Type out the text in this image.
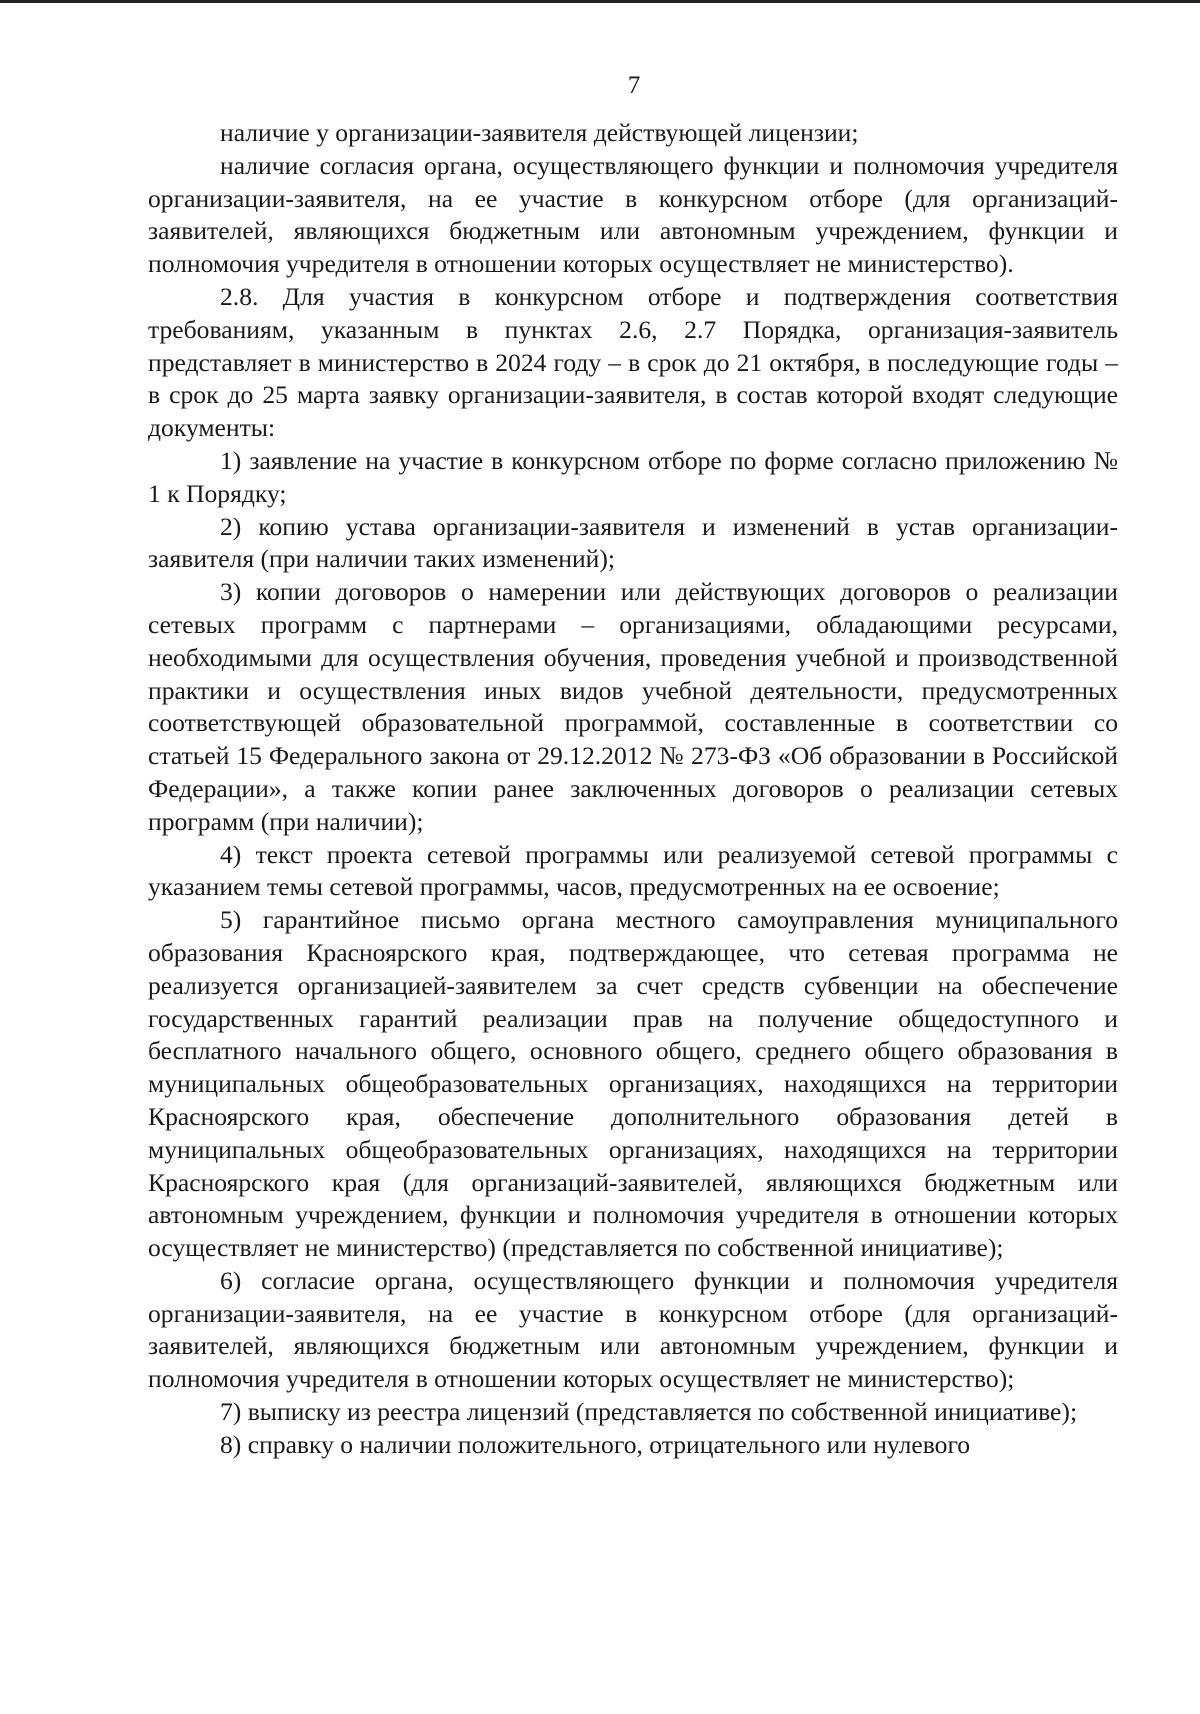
7

наличие у организации-заявителя действующей лицензии;

наличие согласия органа, осуществляющего функции и полномочия учредителя организации-заявителя, на ее участие в конкурсном отборе (для организаций-заявителей, являющихся бюджетным или автономным учреждением, функции и полномочия учредителя в отношении которых осуществляет не министерство).

2.8. Для участия в конкурсном отборе и подтверждения соответствия требованиям, указанным в пунктах 2.6, 2.7 Порядка, организация-заявитель представляет в министерство в 2024 году – в срок до 21 октября, в последующие годы – в срок до 25 марта заявку организации-заявителя, в состав которой входят следующие документы:

1) заявление на участие в конкурсном отборе по форме согласно приложению № 1 к Порядку;

2) копию устава организации-заявителя и изменений в устав организации-заявителя (при наличии таких изменений);

3) копии договоров о намерении или действующих договоров о реализации сетевых программ с партнерами – организациями, обладающими ресурсами, необходимыми для осуществления обучения, проведения учебной и производственной практики и осуществления иных видов учебной деятельности, предусмотренных соответствующей образовательной программой, составленные в соответствии со статьей 15 Федерального закона от 29.12.2012 № 273-ФЗ «Об образовании в Российской Федерации», а также копии ранее заключенных договоров о реализации сетевых программ (при наличии);

4) текст проекта сетевой программы или реализуемой сетевой программы с указанием темы сетевой программы, часов, предусмотренных на ее освоение;

5) гарантийное письмо органа местного самоуправления муниципального образования Красноярского края, подтверждающее, что сетевая программа не реализуется организацией-заявителем за счет средств субвенции на обеспечение государственных гарантий реализации прав на получение общедоступного и бесплатного начального общего, основного общего, среднего общего образования в муниципальных общеобразовательных организациях, находящихся на территории Красноярского края, обеспечение дополнительного образования детей в муниципальных общеобразовательных организациях, находящихся на территории Красноярского края (для организаций-заявителей, являющихся бюджетным или автономным учреждением, функции и полномочия учредителя в отношении которых осуществляет не министерство) (представляется по собственной инициативе);

6) согласие органа, осуществляющего функции и полномочия учредителя организации-заявителя, на ее участие в конкурсном отборе (для организаций-заявителей, являющихся бюджетным или автономным учреждением, функции и полномочия учредителя в отношении которых осуществляет не министерство);

7) выписку из реестра лицензий (представляется по собственной инициативе);

8) справку о наличии положительного, отрицательного или нулевого
